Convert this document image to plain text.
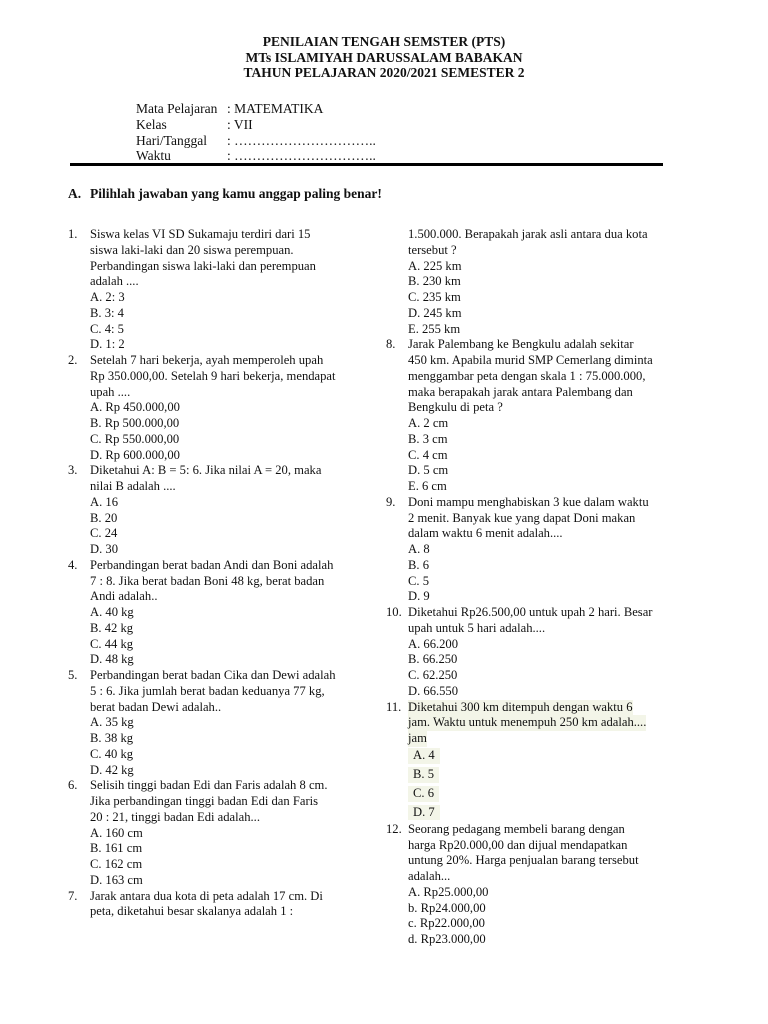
PENILAIAN TENGAH SEMSTER (PTS)
MTs ISLAMIYAH DARUSSALAM BABAKAN
TAHUN PELAJARAN 2020/2021 SEMESTER 2
Mata Pelajaran : MATEMATIKA
Kelas	: VII
Hari/Tanggal	: …………………………..
Waktu	: …………………………..
A. Pilihlah jawaban yang kamu anggap paling benar!
1. Siswa kelas VI SD Sukamaju terdiri dari 15
siswa laki-laki dan 20 siswa perempuan.
Perbandingan siswa laki-laki dan perempuan
adalah ....
A. 2: 3
B. 3: 4
C. 4: 5
D. 1: 2
2. Setelah 7 hari bekerja, ayah memperoleh upah
Rp 350.000,00. Setelah 9 hari bekerja, mendapat
upah ....
A. Rp 450.000,00
B. Rp 500.000,00
C. Rp 550.000,00
D. Rp 600.000,00
3. Diketahui A: B = 5: 6. Jika nilai A = 20, maka
nilai B adalah ....
A. 16
B. 20
C. 24
D. 30
4. Perbandingan berat badan Andi dan Boni adalah
7 : 8. Jika berat badan Boni 48 kg, berat badan
Andi adalah..
A. 40 kg
B. 42 kg
C. 44 kg
D. 48 kg
5. Perbandingan berat badan Cika dan Dewi adalah
5 : 6. Jika jumlah berat badan keduanya 77 kg,
berat badan Dewi adalah..
A. 35 kg
B. 38 kg
C. 40 kg
D. 42 kg
6. Selisih tinggi badan Edi dan Faris adalah 8 cm.
Jika perbandingan tinggi badan Edi dan Faris
20 : 21, tinggi badan Edi adalah...
A. 160 cm
B. 161 cm
C. 162 cm
D. 163 cm
7. Jarak antara dua kota di peta adalah 17 cm. Di
peta, diketahui besar skalanya adalah 1 :
1.500.000. Berapakah jarak asli antara dua kota
tersebut ?
A. 225 km
B. 230 km
C. 235 km
D. 245 km
E. 255 km
8. Jarak Palembang ke Bengkulu adalah sekitar
450 km. Apabila murid SMP Cemerlang diminta
menggambar peta dengan skala 1 : 75.000.000,
maka berapakah jarak antara Palembang dan
Bengkulu di peta ?
A. 2 cm
B. 3 cm
C. 4 cm
D. 5 cm
E. 6 cm
9. Doni mampu menghabiskan 3 kue dalam waktu
2 menit. Banyak kue yang dapat Doni makan
dalam waktu 6 menit adalah....
A. 8
B. 6
C. 5
D. 9
10. Diketahui Rp26.500,00 untuk upah 2 hari. Besar
upah untuk 5 hari adalah....
A. 66.200
B. 66.250
C. 62.250
D. 66.550
11. Diketahui 300 km ditempuh dengan waktu 6
jam. Waktu untuk menempuh 250 km adalah....
jam
A. 4
B. 5
C. 6
D. 7

12. Seorang pedagang membeli barang dengan
harga Rp20.000,00 dan dijual mendapatkan
untung 20%. Harga penjualan barang tersebut
adalah...
A. Rp25.000,00
b. Rp24.000,00
c. Rp22.000,00
d. Rp23.000,00
